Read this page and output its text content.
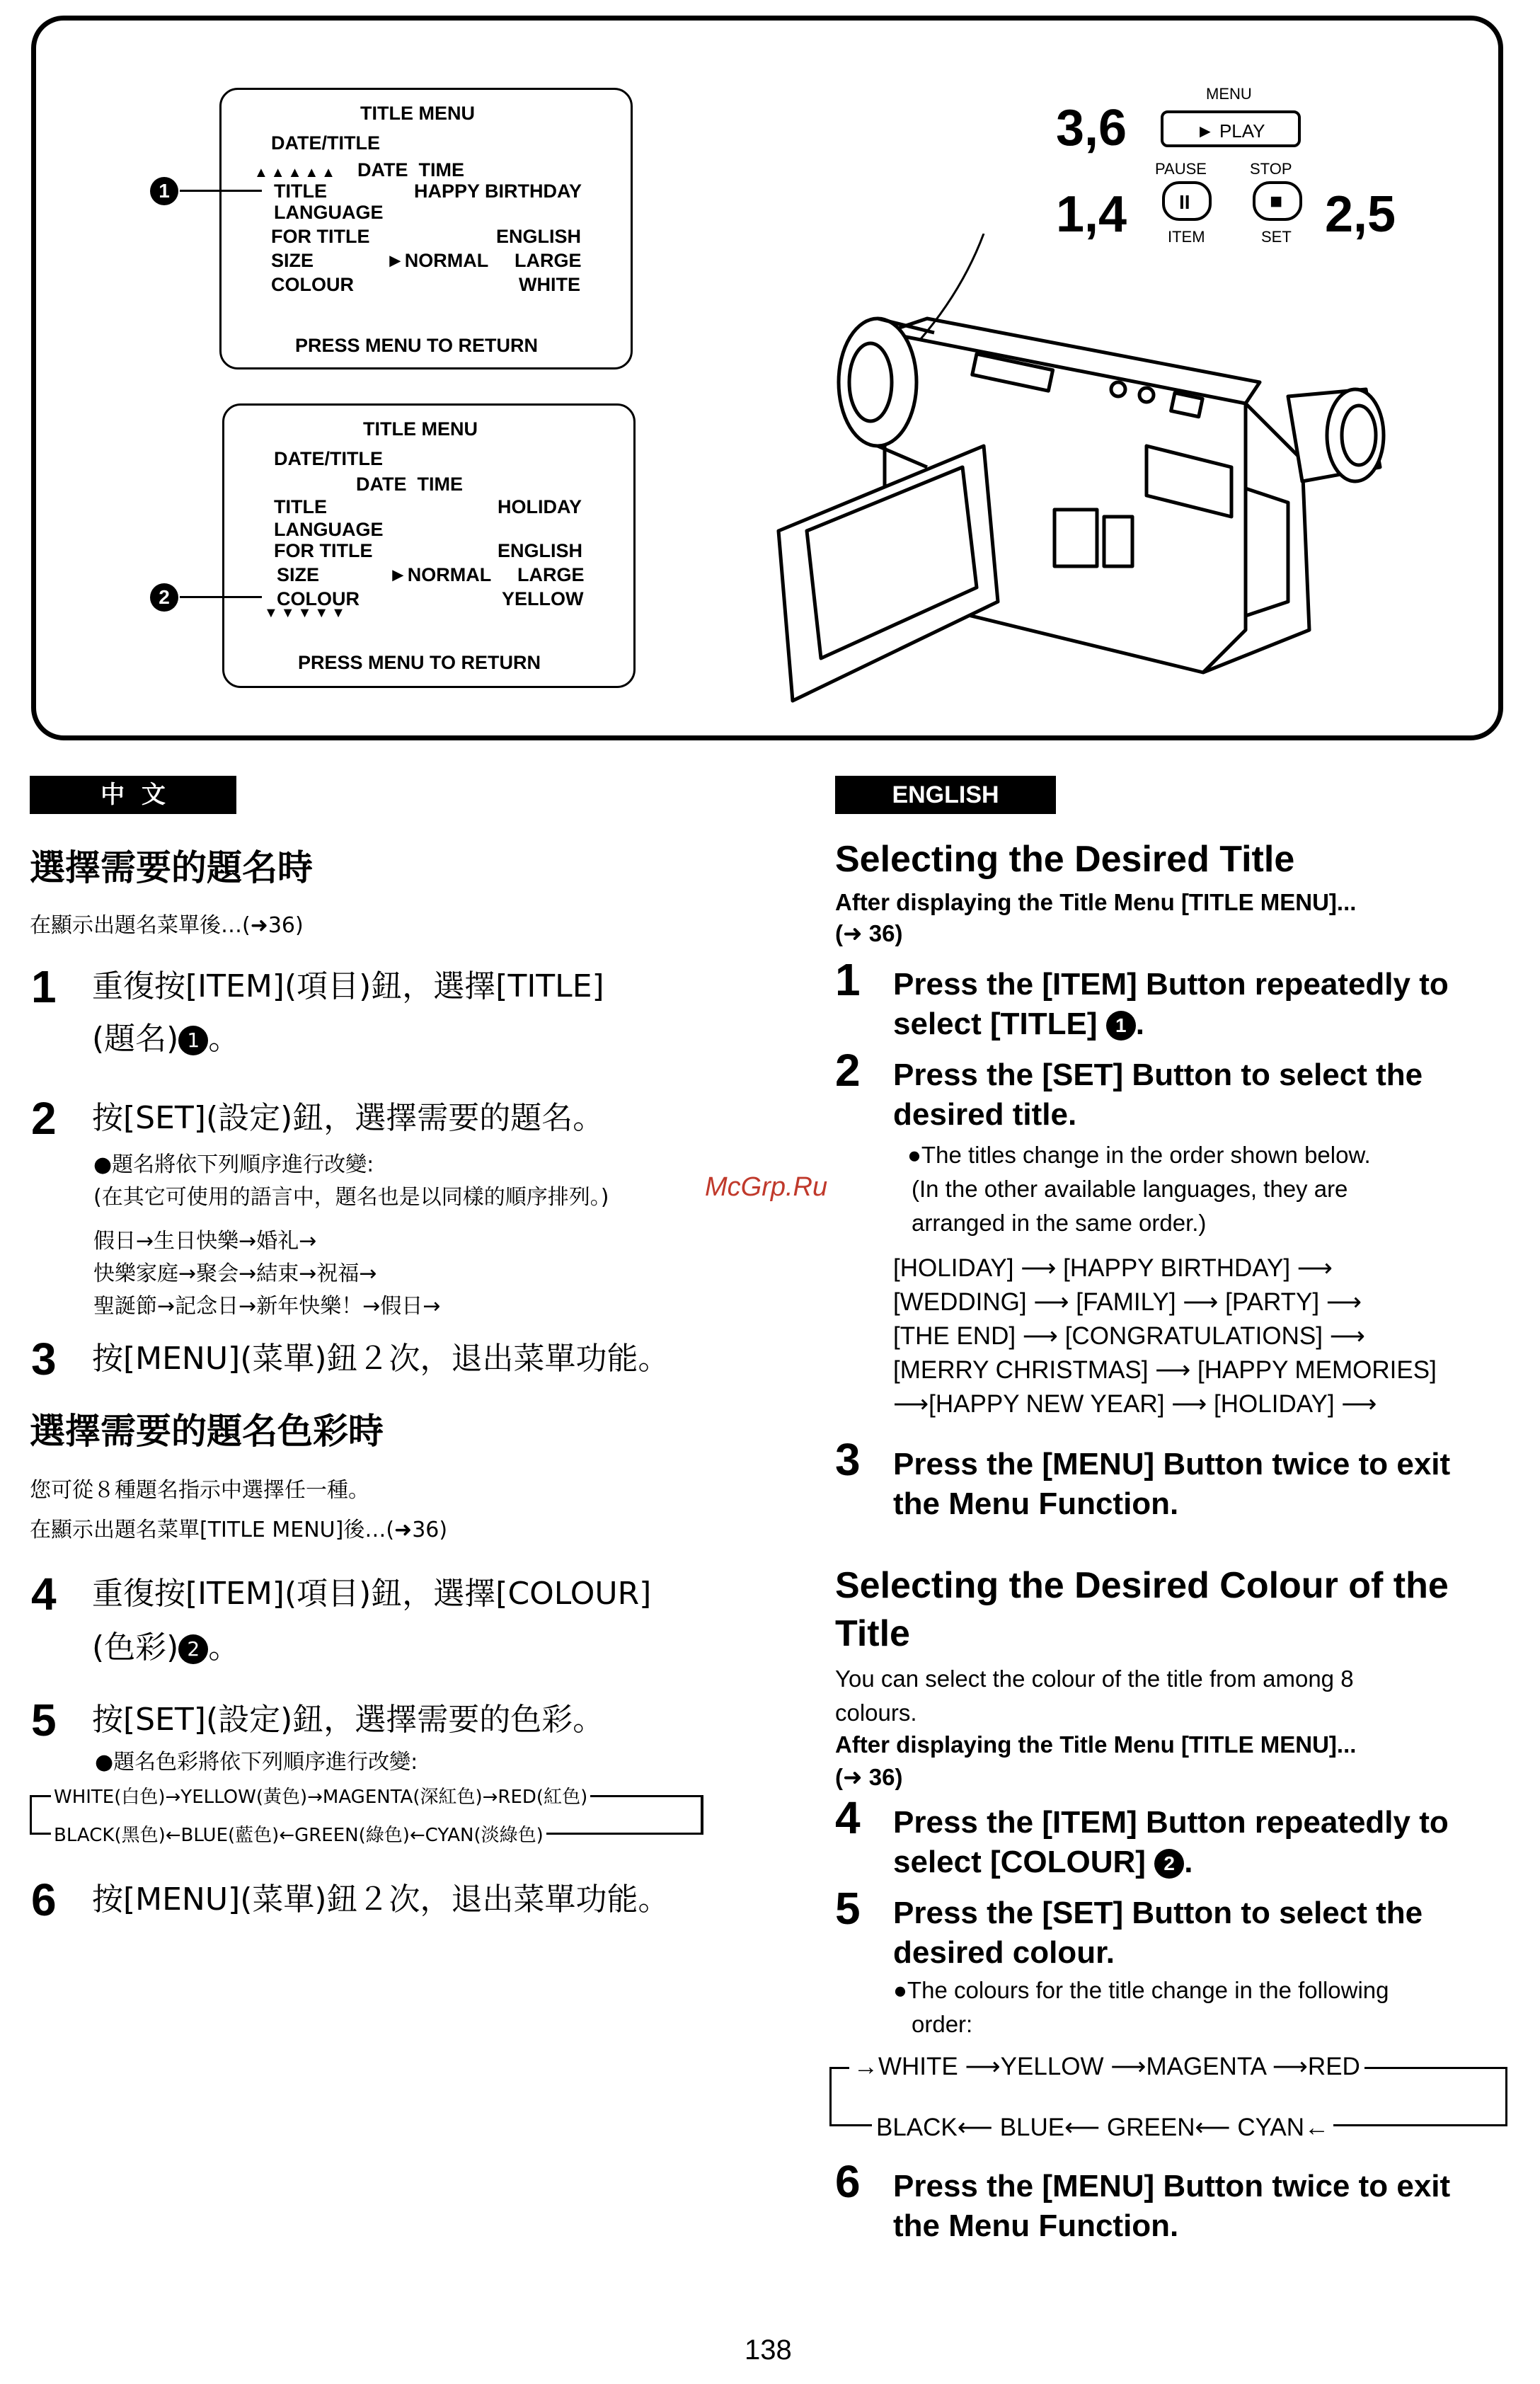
TITLE MENU
DATE/TITLE
DATE  TIME
TITLE	HAPPY BIRTHDAY
LANGUAGE
FOR TITLE	ENGLISH
SIZE	►NORMAL LARGE
COLOUR	WHITE
PRESS MENU TO RETURN
▲▲▲▲▲
1
TITLE MENU
DATE/TITLE
DATE  TIME
TITLE	HOLIDAY
LANGUAGE
FOR TITLE	ENGLISH
SIZE	►NORMAL LARGE
COLOUR	YELLOW
PRESS MENU TO RETURN
▼▼▼▼▼
2
3,6
MENU
► PLAY
PAUSE	STOP
1,4	II	■
ITEM	SET 2,5
中  文
選擇需要的題名時
在顯示出題名菜單後…(➜36)
1 重復按[ITEM](項目)鈕，選擇[TITLE]
(題名) 1 。
2 按[SET](設定)鈕，選擇需要的題名。
●題名將依下列順序進行改變:
(在其它可使用的語言中，題名也是以同樣的順序排列。)
假日→生日快樂→婚礼→
快樂家庭→聚会→結束→祝福→
聖誕節→記念日→新年快樂！→假日→
3 按[MENU](菜單)鈕２次，退出菜單功能。
選擇需要的題名色彩時
您可從８種題名指示中選擇任一種。
在顯示出題名菜單[TITLE MENU]後…(➜36)
4 重復按[ITEM](項目)鈕，選擇[COLOUR]
(色彩) 2 。
5 按[SET](設定)鈕，選擇需要的色彩。
●題名色彩將依下列順序進行改變:
WHITE(白色)→YELLOW(黃色)→MAGENTA(深紅色)→RED(紅色)
BLACK(黑色)←BLUE(藍色)←GREEN(綠色)←CYAN(淡綠色)
6 按[MENU](菜單)鈕２次，退出菜單功能。
McGrp.Ru
ENGLISH
Selecting the Desired Title
After displaying the Title Menu [TITLE MENU]...
(➜ 36)
1 Press the [ITEM] Button repeatedly to
select [TITLE] 1 .
2 Press the [SET] Button to select the
desired title.
●The titles change in the order shown below.
(In the other available languages, they are
arranged in the same order.)
[HOLIDAY] ⟶ [HAPPY BIRTHDAY] ⟶
[WEDDING] ⟶ [FAMILY] ⟶ [PARTY] ⟶
[THE END] ⟶ [CONGRATULATIONS] ⟶
[MERRY CHRISTMAS] ⟶ [HAPPY MEMORIES]
⟶[HAPPY NEW YEAR] ⟶ [HOLIDAY] ⟶
3 Press the [MENU] Button twice to exit
the Menu Function.
Selecting the Desired Colour of the
Title
You can select the colour of the title from among 8
colours.
After displaying the Title Menu [TITLE MENU]...
(➜ 36)
4 Press the [ITEM] Button repeatedly to
select [COLOUR] 2 .
5 Press the [SET] Button to select the
desired colour.
●The colours for the title change in the following
order:
→WHITE ⟶YELLOW ⟶MAGENTA ⟶RED
BLACK⟵ BLUE⟵ GREEN⟵ CYAN←
6 Press the [MENU] Button twice to exit
the Menu Function.
138
